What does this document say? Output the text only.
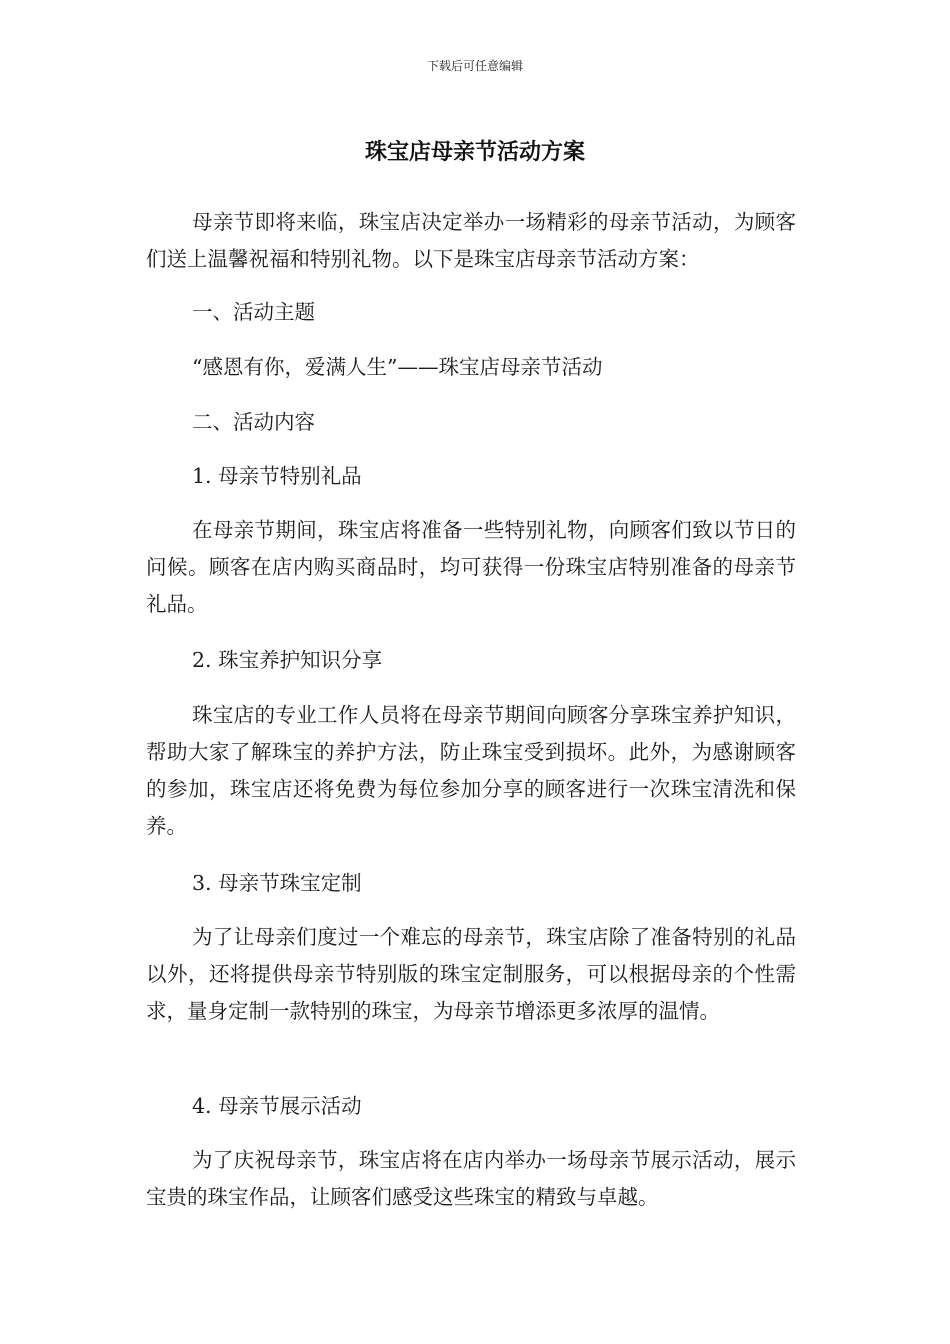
下载后可任意编辑
珠宝店母亲节活动方案

母亲节即将来临，珠宝店决定举办一场精彩的母亲节活动，为顾客们送上温馨祝福和特别礼物。以下是珠宝店母亲节活动方案：

一、活动主题

“感恩有你，爱满人生”——珠宝店母亲节活动

二、活动内容

1. 母亲节特别礼品

在母亲节期间，珠宝店将准备一些特别礼物，向顾客们致以节日的问候。顾客在店内购买商品时，均可获得一份珠宝店特别准备的母亲节礼品。

2. 珠宝养护知识分享

珠宝店的专业工作人员将在母亲节期间向顾客分享珠宝养护知识，帮助大家了解珠宝的养护方法，防止珠宝受到损坏。此外，为感谢顾客的参加，珠宝店还将免费为每位参加分享的顾客进行一次珠宝清洗和保养。

3. 母亲节珠宝定制

为了让母亲们度过一个难忘的母亲节，珠宝店除了准备特别的礼品以外，还将提供母亲节特别版的珠宝定制服务，可以根据母亲的个性需求，量身定制一款特别的珠宝，为母亲节增添更多浓厚的温情。

4. 母亲节展示活动

为了庆祝母亲节，珠宝店将在店内举办一场母亲节展示活动，展示宝贵的珠宝作品，让顾客们感受这些珠宝的精致与卓越。
